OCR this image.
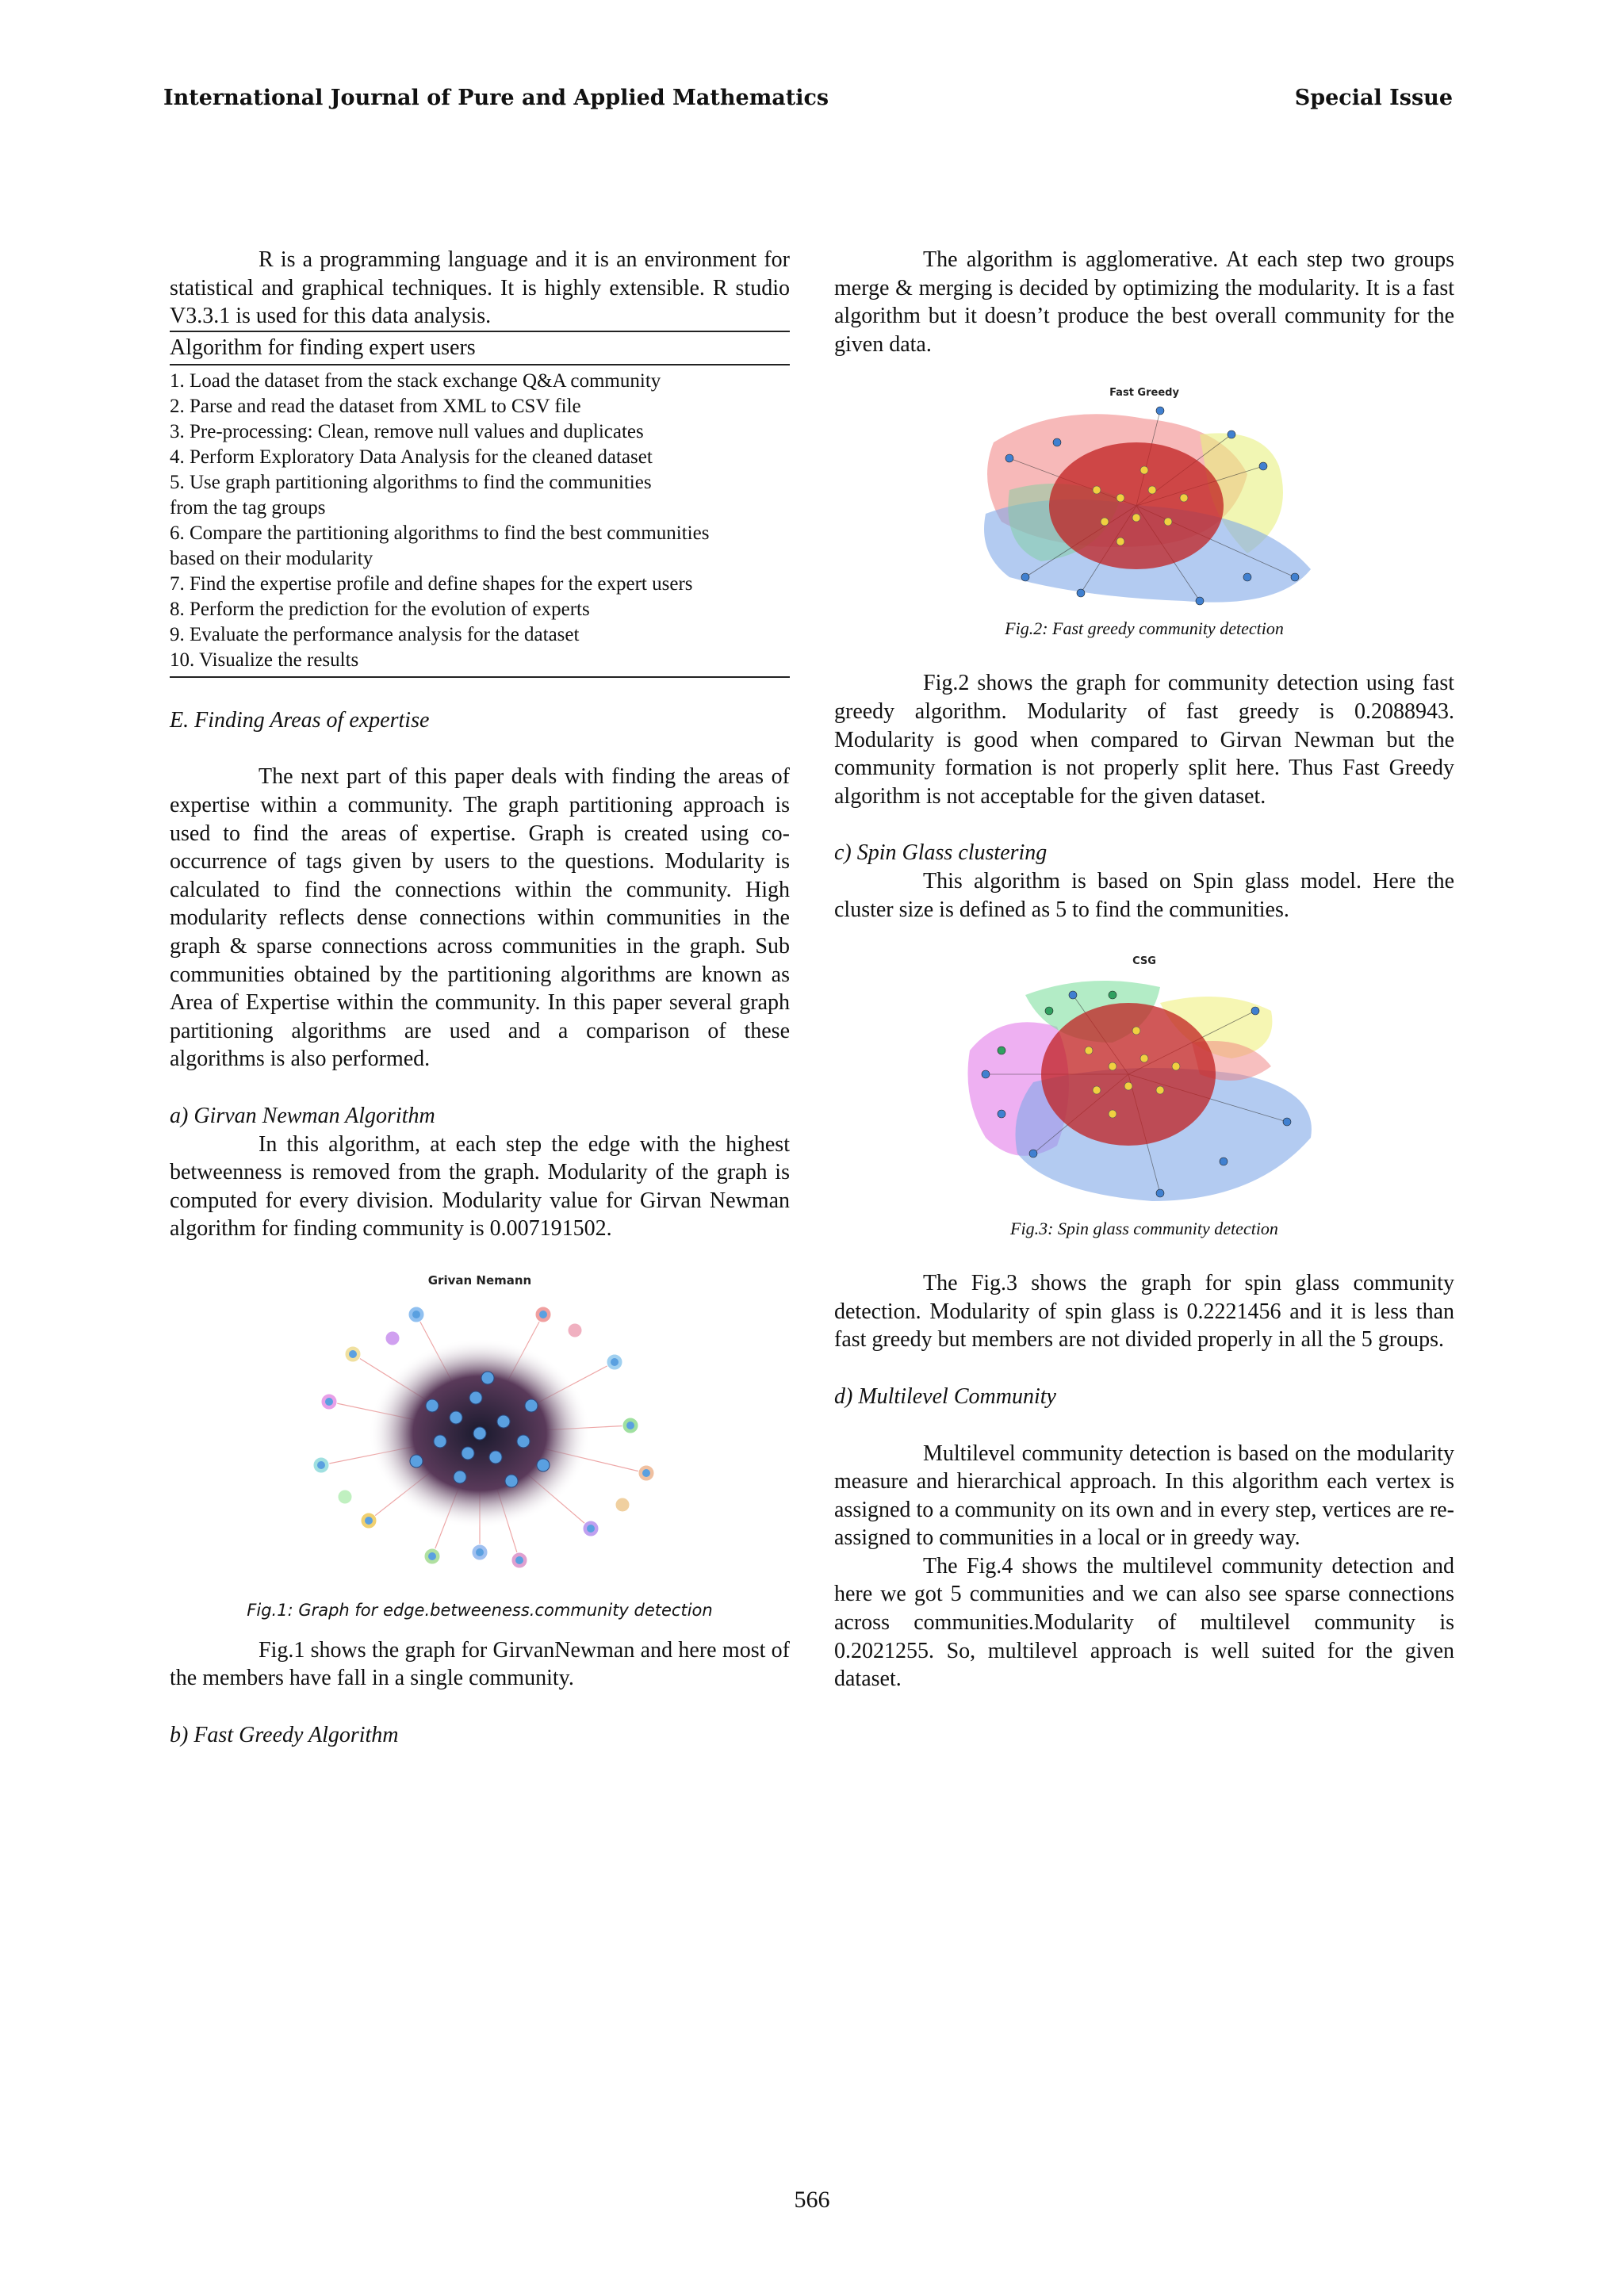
International Journal of Pure and Applied Mathematics	Special Issue

R is a programming language and it is an environment for statistical and graphical techniques. It is highly extensible. R studio V3.3.1 is used for this data analysis.

Algorithm for finding expert users
1. Load the dataset from the stack exchange Q&A community
2. Parse and read the dataset from XML to CSV file
3. Pre-processing: Clean, remove null values and duplicates
4. Perform Exploratory Data Analysis for the cleaned dataset
5. Use graph partitioning algorithms to find the communities
from the tag groups
6. Compare the partitioning algorithms to find the best communities
based on their modularity
7. Find the expertise profile and define shapes for the expert users
8. Perform the prediction for the evolution of experts
9. Evaluate the performance analysis for the dataset
10. Visualize the results
E. Finding Areas of expertise

The next part of this paper deals with finding the areas of expertise within a community. The graph partitioning approach is used to find the areas of expertise. Graph is created using co-occurrence of tags given by users to the questions. Modularity is calculated to find the connections within the community. High modularity reflects dense connections within communities in the graph & sparse connections across communities in the graph. Sub communities obtained by the partitioning algorithms are known as Area of Expertise within the community. In this paper several graph partitioning algorithms are used and a comparison of these algorithms is also performed.

a) Girvan Newman Algorithm

In this algorithm, at each step the edge with the highest betweenness is removed from the graph. Modularity of the graph is computed for every division. Modularity value for Girvan Newman algorithm for finding community is 0.007191502.

Grivan Nemann
Fig.1: Graph for edge.betweeness.community detection

Fig.1 shows the graph for GirvanNewman and here most of the members have fall in a single community.

b) Fast Greedy Algorithm

The algorithm is agglomerative. At each step two groups merge & merging is decided by optimizing the modularity. It is a fast algorithm but it doesn’t produce the best overall community for the given data.

Fast Greedy
Fig.2: Fast greedy community detection

Fig.2 shows the graph for community detection using fast greedy algorithm. Modularity of fast greedy is 0.2088943. Modularity is good when compared to Girvan Newman but the community formation is not properly split here. Thus Fast Greedy algorithm is not acceptable for the given dataset.

c) Spin Glass clustering

This algorithm is based on Spin glass model. Here the cluster size is defined as 5 to find the communities.

CSG
Fig.3: Spin glass community detection

The Fig.3 shows the graph for spin glass community detection. Modularity of spin glass is 0.2221456 and it is less than fast greedy but members are not divided properly in all the 5 groups.

d) Multilevel Community

Multilevel community detection is based on the modularity measure and hierarchical approach. In this algorithm each vertex is assigned to a community on its own and in every step, vertices are re-assigned to communities in a local or in greedy way.

The Fig.4 shows the multilevel community detection and here we got 5 communities and we can also see sparse connections across communities.Modularity of multilevel community is 0.2021255. So, multilevel approach is well suited for the given dataset.

566
